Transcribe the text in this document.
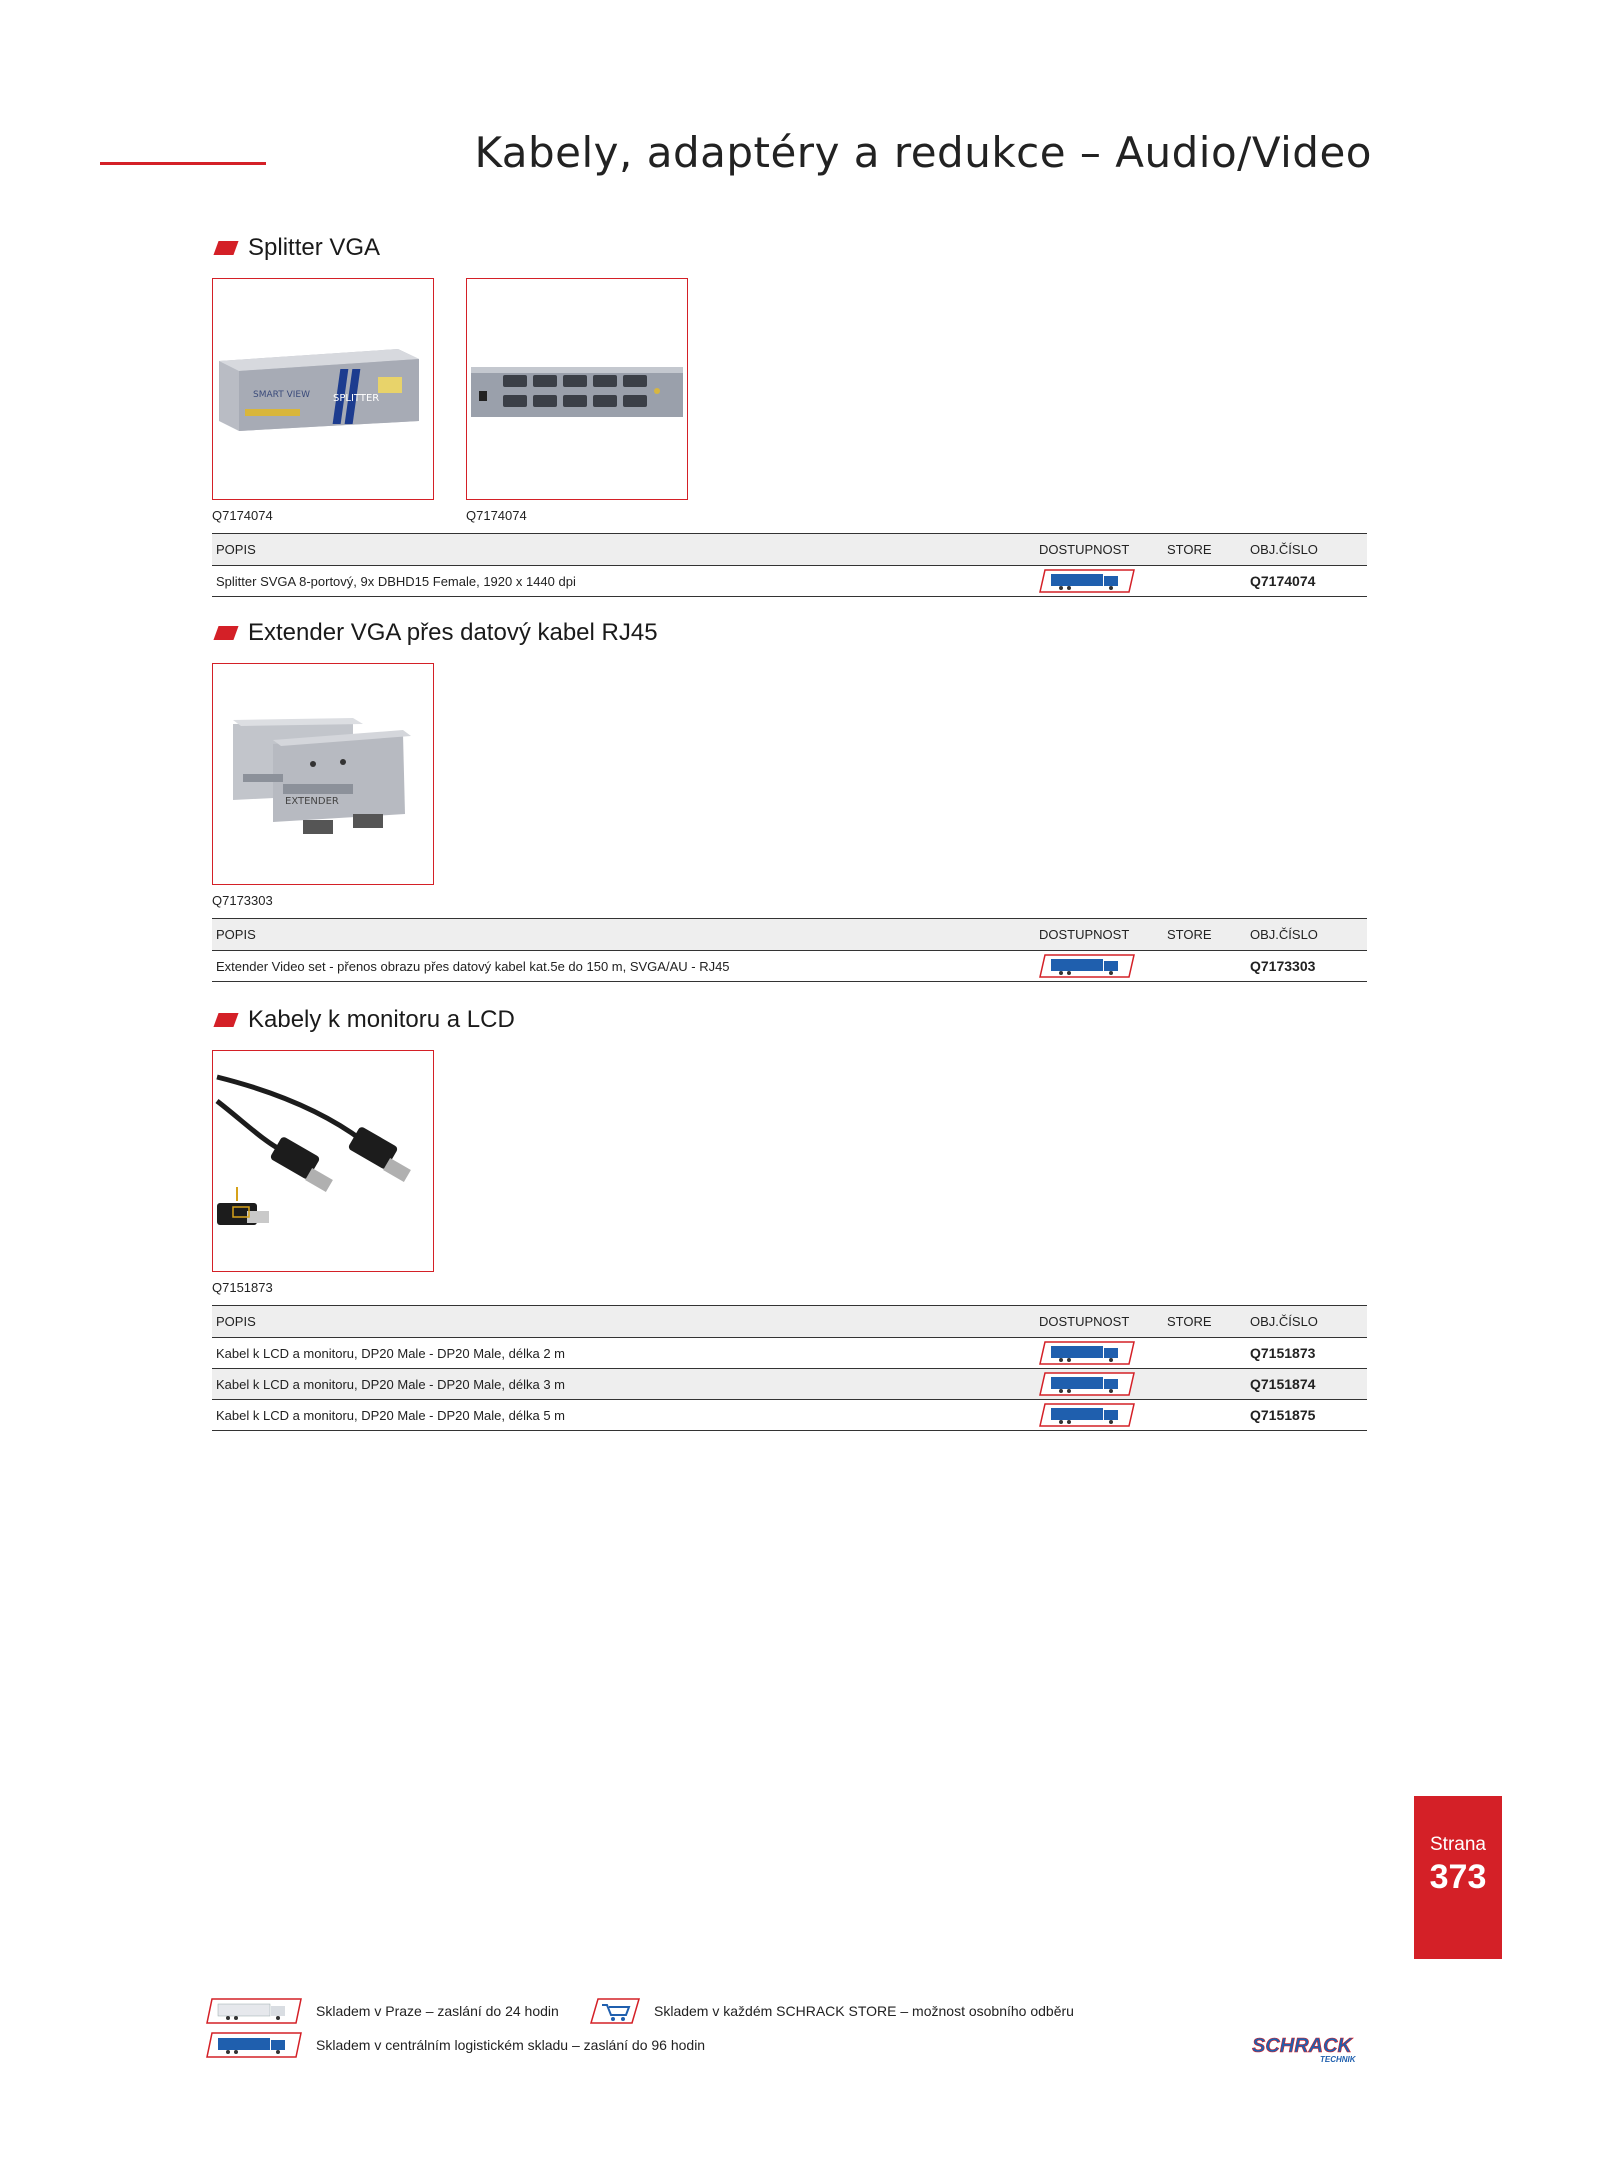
Kabely, adaptéry a redukce – Audio/Video
Splitter VGA
SMART VIEW SPLITTER
Q7174074	Q7174074
POPIS	DOSTUPNOST	STORE	OBJ.ČÍSLO
Splitter SVGA 8-portový, 9x DBHD15 Female, 1920 x 1440 dpi			Q7174074
Extender VGA přes datový kabel RJ45
EXTENDER
Q7173303
POPIS	DOSTUPNOST	STORE	OBJ.ČÍSLO
Extender Video set - přenos obrazu přes datový kabel kat.5e do 150 m, SVGA/AU - RJ45			Q7173303
Kabely k monitoru a LCD
Q7151873
POPIS	DOSTUPNOST	STORE	OBJ.ČÍSLO
Kabel k LCD a monitoru, DP20 Male - DP20 Male, délka 2 m			Q7151873
Kabel k LCD a monitoru, DP20 Male - DP20 Male, délka 3 m			Q7151874
Kabel k LCD a monitoru, DP20 Male - DP20 Male, délka 5 m			Q7151875
Strana
373
Skladem v Praze – zaslání do 24 hodin	Skladem v každém SCHRACK STORE – možnost osobního odběru
Skladem v centrálním logistickém skladu – zaslání do 96 hodin	SCHRACK
TECHNIK
